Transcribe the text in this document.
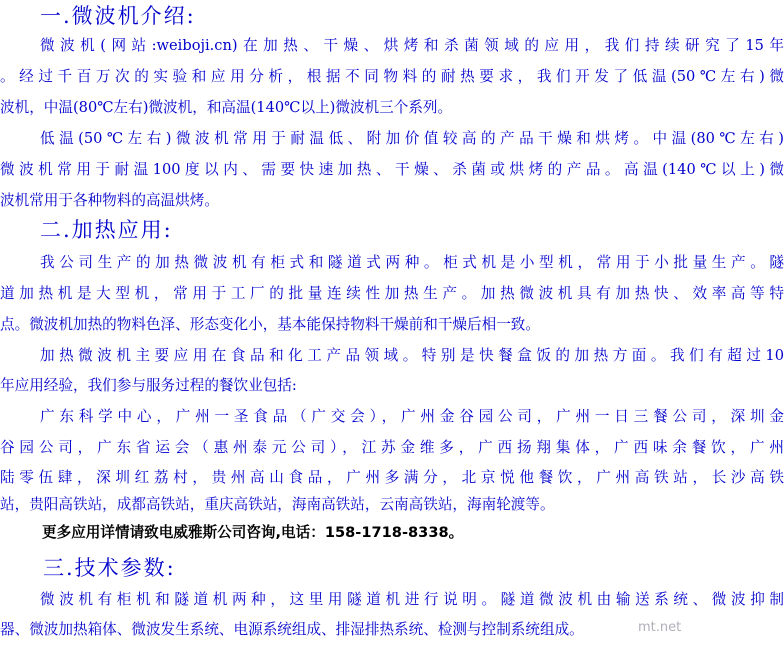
一.微波机介绍:

微波机(网站:weiboji.cn)在加热、干燥、烘烤和杀菌领域的应用，我们持续研究了15年

。经过千百万次的实验和应用分析，根据不同物料的耐热要求，我们开发了低温(50℃左右)微

波机，中温(80℃左右)微波机，和高温(140℃以上)微波机三个系列。

低温(50℃左右)微波机常用于耐温低、附加价值较高的产品干燥和烘烤。中温(80℃左右)

微波机常用于耐温100度以内、需要快速加热、干燥、杀菌或烘烤的产品。高温(140℃以上)微

波机常用于各种物料的高温烘烤。

二.加热应用:

我公司生产的加热微波机有柜式和隧道式两种。柜式机是小型机，常用于小批量生产。隧

道加热机是大型机，常用于工厂的批量连续性加热生产。加热微波机具有加热快、效率高等特

点。微波机加热的物料色泽、形态变化小，基本能保持物料干燥前和干燥后相一致。

加热微波机主要应用在食品和化工产品领域。特别是快餐盒饭的加热方面。我们有超过10

年应用经验，我们参与服务过程的餐饮业包括:

广东科学中心，广州一圣食品（广交会），广州金谷园公司，广州一日三餐公司，深圳金

谷园公司，广东省运会（惠州泰元公司），江苏金维多，广西扬翔集体，广西味余餐饮，广州

陆零伍肆，深圳红荔村，贵州高山食品，广州多满分，北京悦他餐饮，广州高铁站，长沙高铁

站，贵阳高铁站，成都高铁站，重庆高铁站，海南高铁站，云南高铁站，海南轮渡等。

更多应用详情请致电威雅斯公司咨询,电话：158-1718-8338。

三.技术参数:

微波机有柜机和隧道机两种，这里用隧道机进行说明。隧道微波机由输送系统、微波抑制

器、微波加热箱体、微波发生系统、电源系统组成、排湿排热系统、检测与控制系统组成。	mt.net
